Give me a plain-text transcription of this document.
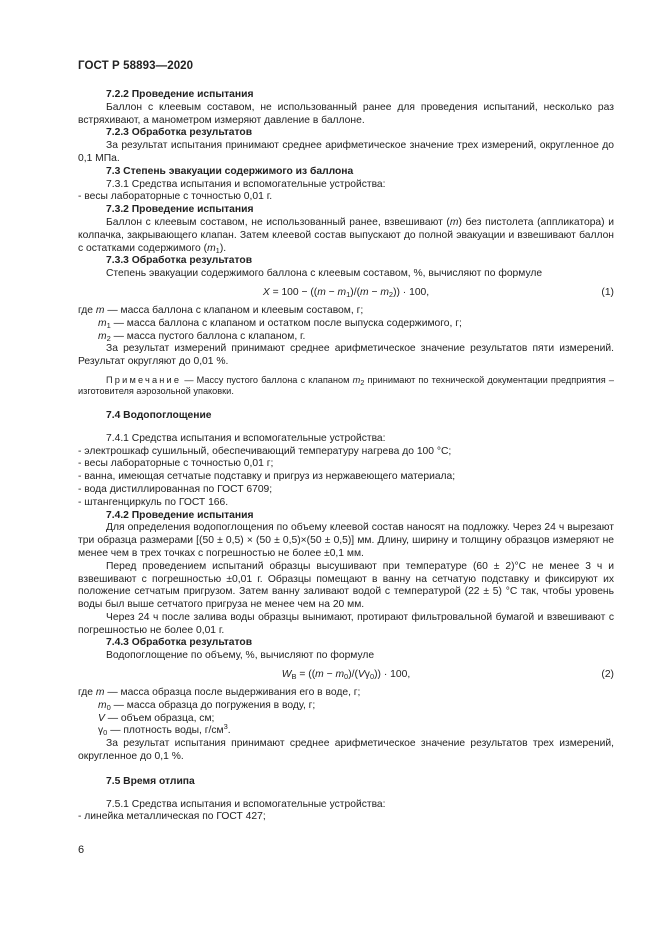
ГОСТ Р 58893—2020

7.2.2 Проведение испытания

Баллон с клеевым составом, не использованный ранее для проведения испытаний, несколько раз встряхивают, а манометром измеряют давление в баллоне.

7.2.3 Обработка результатов

За результат испытания принимают среднее арифметическое значение трех измерений, округленное до 0,1 МПа.

7.3 Степень эвакуации содержимого из баллона

7.3.1 Средства испытания и вспомогательные устройства:

- весы лабораторные с точностью 0,01 г.

7.3.2 Проведение испытания

Баллон с клеевым составом, не использованный ранее, взвешивают (m) без пистолета (аппликатора) и колпачка, закрывающего клапан. Затем клеевой состав выпускают до полной эвакуации и взвешивают баллон с остатками содержимого $(m_1)$.

7.3.3 Обработка результатов

Степень эвакуации содержимого баллона с клеевым составом, %, вычисляют по формуле

$X = 100 - ((m - m_1)/(m - m_2)) \cdot 100$,	(1)

где m — масса баллона с клапаном и клеевым составом, г;

$m_1$ — масса баллона с клапаном и остатком после выпуска содержимого, г;

$m_2$ — масса пустого баллона с клапаном, г.

За результат измерений принимают среднее арифметическое значение результатов пяти измерений. Результат округляют до 0,01 %.

Примечание — Массу пустого баллона с клапаном $m_2$ принимают по технической документации предприятия – изготовителя аэрозольной упаковки.

7.4 Водопоглощение

7.4.1 Средства испытания и вспомогательные устройства:

- электрошкаф сушильный, обеспечивающий температуру нагрева до 100 °С;

- весы лабораторные с точностью 0,01 г;

- ванна, имеющая сетчатые подставку и пригруз из нержавеющего материала;

- вода дистиллированная по ГОСТ 6709;

- штангенциркуль по ГОСТ 166.

7.4.2 Проведение испытания

Для определения водопоглощения по объему клеевой состав наносят на подложку. Через 24 ч вырезают три образца размерами [(50 ± 0,5) × (50 ± 0,5)×(50 ± 0,5)] мм. Длину, ширину и толщину образцов измеряют не менее чем в трех точках с погрешностью не более ±0,1 мм.

Перед проведением испытаний образцы высушивают при температуре (60 ± 2)°С не менее 3 ч и взвешивают с погрешностью ±0,01 г. Образцы помещают в ванну на сетчатую подставку и фиксируют их положение сетчатым пригрузом. Затем ванну заливают водой с температурой (22 ± 5) °С так, чтобы уровень воды был выше сетчатого пригруза не менее чем на 20 мм.

Через 24 ч после залива воды образцы вынимают, протирают фильтровальной бумагой и взвешивают с погрешностью не более 0,01 г.

7.4.3 Обработка результатов

Водопоглощение по объему, %, вычисляют по формуле

$W_В = ((m - m_0)/(V\gamma_0)) \cdot 100$,	(2)

где m — масса образца после выдерживания его в воде, г;

$m_0$ — масса образца до погружения в воду, г;

V — объем образца, см;

$\gamma_0$ — плотность воды, $г/см^3$.

За результат испытания принимают среднее арифметическое значение результатов трех измерений, округленное до 0,1 %.

7.5 Время отлипа

7.5.1 Средства испытания и вспомогательные устройства:

- линейка металлическая по ГОСТ 427;

6
